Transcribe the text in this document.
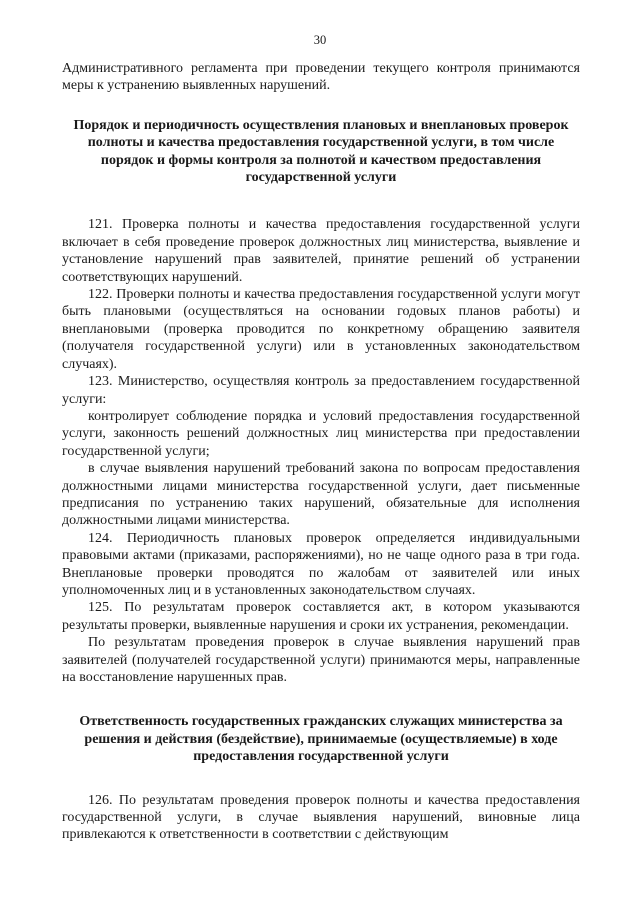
30

Административного регламента при проведении текущего контроля принимаются меры к устранению выявленных нарушений.

Порядок и периодичность осуществления плановых и внеплановых проверок полноты и качества предоставления государственной услуги, в том числе порядок и формы контроля за полнотой и качеством предоставления государственной услуги

121. Проверка полноты и качества предоставления государственной услуги включает в себя проведение проверок должностных лиц министерства, выявление и установление нарушений прав заявителей, принятие решений об устранении соответствующих нарушений.

122. Проверки полноты и качества предоставления государственной услуги могут быть плановыми (осуществляться на основании годовых планов работы) и внеплановыми (проверка проводится по конкретному обращению заявителя (получателя государственной услуги) или в установленных законодательством случаях).

123. Министерство, осуществляя контроль за предоставлением государственной услуги:

контролирует соблюдение порядка и условий предоставления государственной услуги, законность решений должностных лиц министерства при предоставлении государственной услуги;

в случае выявления нарушений требований закона по вопросам предоставления должностными лицами министерства государственной услуги, дает письменные предписания по устранению таких нарушений, обязательные для исполнения должностными лицами министерства.

124. Периодичность плановых проверок определяется индивидуальными правовыми актами (приказами, распоряжениями), но не чаще одного раза в три года. Внеплановые проверки проводятся по жалобам от заявителей или иных уполномоченных лиц и в установленных законодательством случаях.

125. По результатам проверок составляется акт, в котором указываются результаты проверки, выявленные нарушения и сроки их устранения, рекомендации.

По результатам проведения проверок в случае выявления нарушений прав заявителей (получателей государственной услуги) принимаются меры, направленные на восстановление нарушенных прав.

Ответственность государственных гражданских служащих министерства за решения и действия (бездействие), принимаемые (осуществляемые) в ходе предоставления государственной услуги

126. По результатам проведения проверок полноты и качества предоставления государственной услуги, в случае выявления нарушений, виновные лица привлекаются к ответственности в соответствии с действующим
